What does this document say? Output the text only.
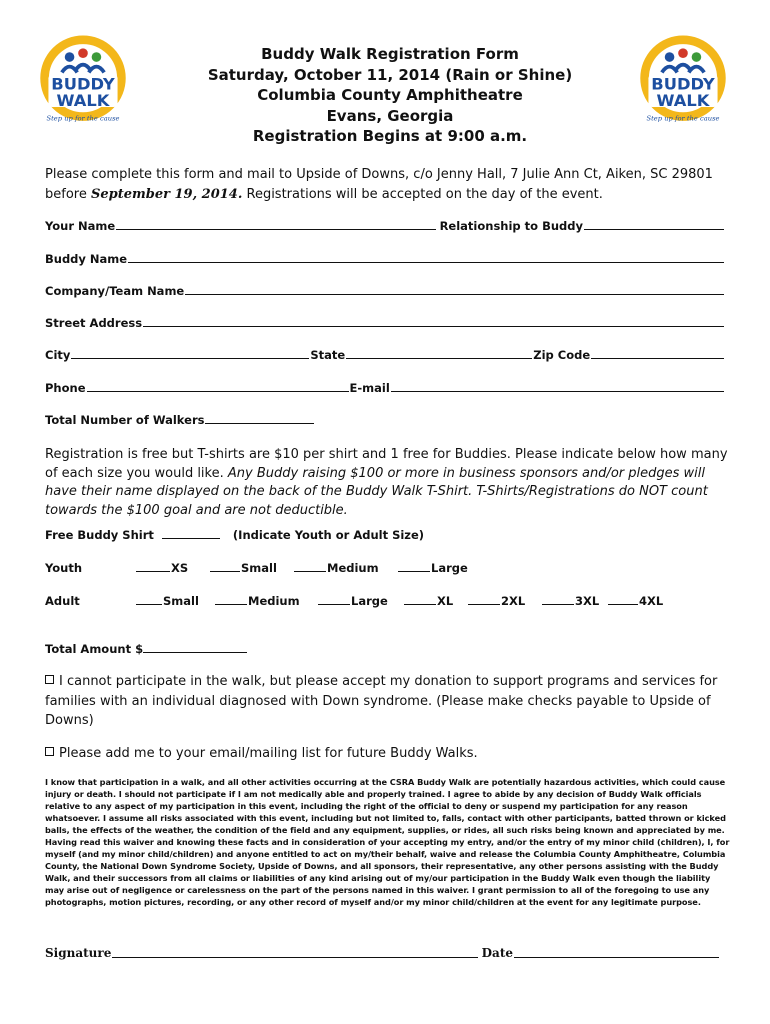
BUDDY
WALK
Step up for the cause
BUDDY
WALK
Step up for the cause
Buddy Walk Registration Form
Saturday, October 11, 2014 (Rain or Shine)
Columbia County Amphitheatre
Evans, Georgia
Registration Begins at 9:00 a.m.
Please complete this form and mail to Upside of Downs, c/o Jenny Hall, 7 Julie Ann Ct, Aiken, SC 29801 before September 19, 2014. Registrations will be accepted on the day of the event.
Your Name	Relationship to Buddy
Buddy Name
Company/Team Name
Street Address
City	State	Zip Code
Phone	E-mail
Total Number of Walkers
Registration is free but T-shirts are $10 per shirt and 1 free for Buddies. Please indicate below how many of each size you would like. Any Buddy raising $100 or more in business sponsors and/or pledges will have their name displayed on the back of the Buddy Walk T-Shirt. T-Shirts/Registrations do NOT count towards the $100 goal and are not deductible.
Free Buddy Shirt	(Indicate Youth or Adult Size)
Youth	XS	Small	Medium	Large
Adult	Small	Medium	Large	XL	2XL	3XL	4XL
Total Amount $
I cannot participate in the walk, but please accept my donation to support programs and services for families with an individual diagnosed with Down syndrome. (Please make checks payable to Upside of Downs)
Please add me to your email/mailing list for future Buddy Walks.
I know that participation in a walk, and all other activities occurring at the CSRA Buddy Walk are potentially hazardous activities, which could cause injury or death. I should not participate if I am not medically able and properly trained. I agree to abide by any decision of Buddy Walk officials relative to any aspect of my participation in this event, including the right of the official to deny or suspend my participation for any reason whatsoever. I assume all risks associated with this event, including but not limited to, falls, contact with other participants, batted thrown or kicked balls, the effects of the weather, the condition of the field and any equipment, supplies, or rides, all such risks being known and appreciated by me. Having read this waiver and knowing these facts and in consideration of your accepting my entry, and/or the entry of my minor child (children), I, for myself (and my minor child/children) and anyone entitled to act on my/their behalf, waive and release the Columbia County Amphitheatre, Columbia County, the National Down Syndrome Society, Upside of Downs, and all sponsors, their representative, any other persons assisting with the Buddy Walk, and their successors from all claims or liabilities of any kind arising out of my/our participation in the Buddy Walk even though the liability may arise out of negligence or carelessness on the part of the persons named in this waiver. I grant permission to all of the foregoing to use any photographs, motion pictures, recording, or any other record of myself and/or my minor child/children at the event for any legitimate purpose.
Signature	Date
